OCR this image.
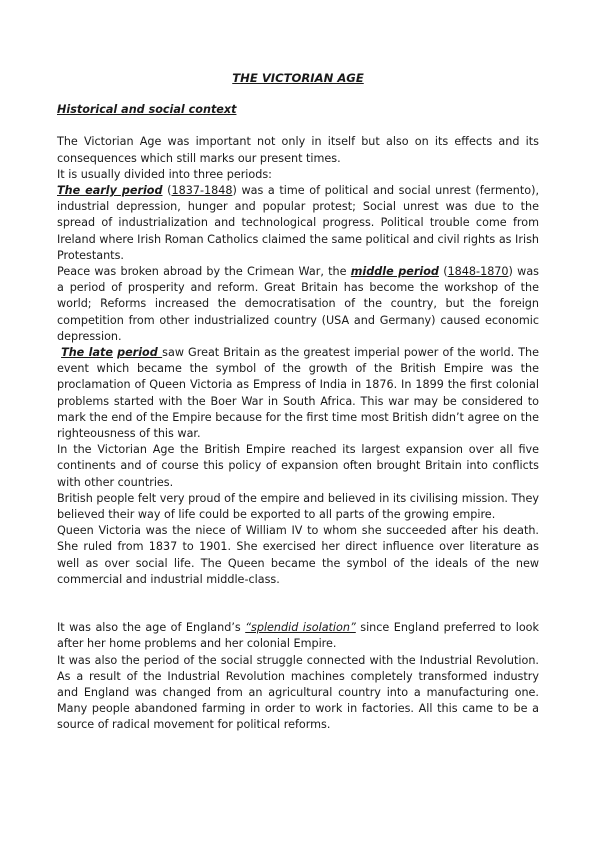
THE VICTORIAN AGE
Historical and social context

The Victorian Age was important not only in itself but also on its effects and its consequences which still marks our present times.

It is usually divided into three periods:

The early period (1837-1848) was a time of political and social unrest (fermento), industrial depression, hunger and popular protest; Social unrest was due to the spread of industrialization and technological progress. Political trouble come from Ireland where Irish Roman Catholics claimed the same political and civil rights as Irish Protestants.

Peace was broken abroad by the Crimean War, the middle period (1848-1870) was a period of prosperity and reform. Great Britain has become the workshop of the world; Reforms increased the democratisation of the country, but the foreign competition from other industrialized country (USA and Germany) caused economic depression.

The late period saw Great Britain as the greatest imperial power of the world. The event which became the symbol of the growth of the British Empire was the proclamation of Queen Victoria as Empress of India in 1876. In 1899 the first colonial problems started with the Boer War in South Africa. This war may be considered to mark the end of the Empire because for the first time most British didn’t agree on the righteousness of this war.

In the Victorian Age the British Empire reached its largest expansion over all five continents and of course this policy of expansion often brought Britain into conflicts with other countries.

British people felt very proud of the empire and believed in its civilising mission. They believed their way of life could be exported to all parts of the growing empire.

Queen Victoria was the niece of William IV to whom she succeeded after his death. She ruled from 1837 to 1901. She exercised her direct influence over literature as well as over social life. The Queen became the symbol of the ideals of the new commercial and industrial middle-class.

It was also the age of England’s “splendid isolation” since England preferred to look after her home problems and her colonial Empire.

It was also the period of the social struggle connected with the Industrial Revolution. As a result of the Industrial Revolution machines completely transformed industry and England was changed from an agricultural country into a manufacturing one. Many people abandoned farming in order to work in factories. All this came to be a source of radical movement for political reforms.
